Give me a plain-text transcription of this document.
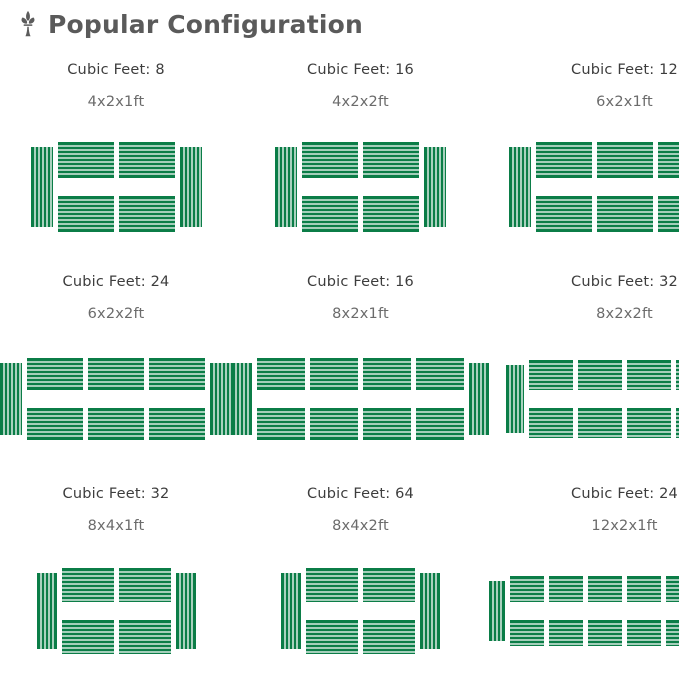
Popular Configuration
Cubic Feet: 8
4x2x1ft
Cubic Feet: 16
4x2x2ft
Cubic Feet: 12
6x2x1ft
Cubic Feet: 24
6x2x2ft
Cubic Feet: 16
8x2x1ft
Cubic Feet: 32
8x2x2ft
Cubic Feet: 32
8x4x1ft
Cubic Feet: 64
8x4x2ft
Cubic Feet: 24
12x2x1ft
